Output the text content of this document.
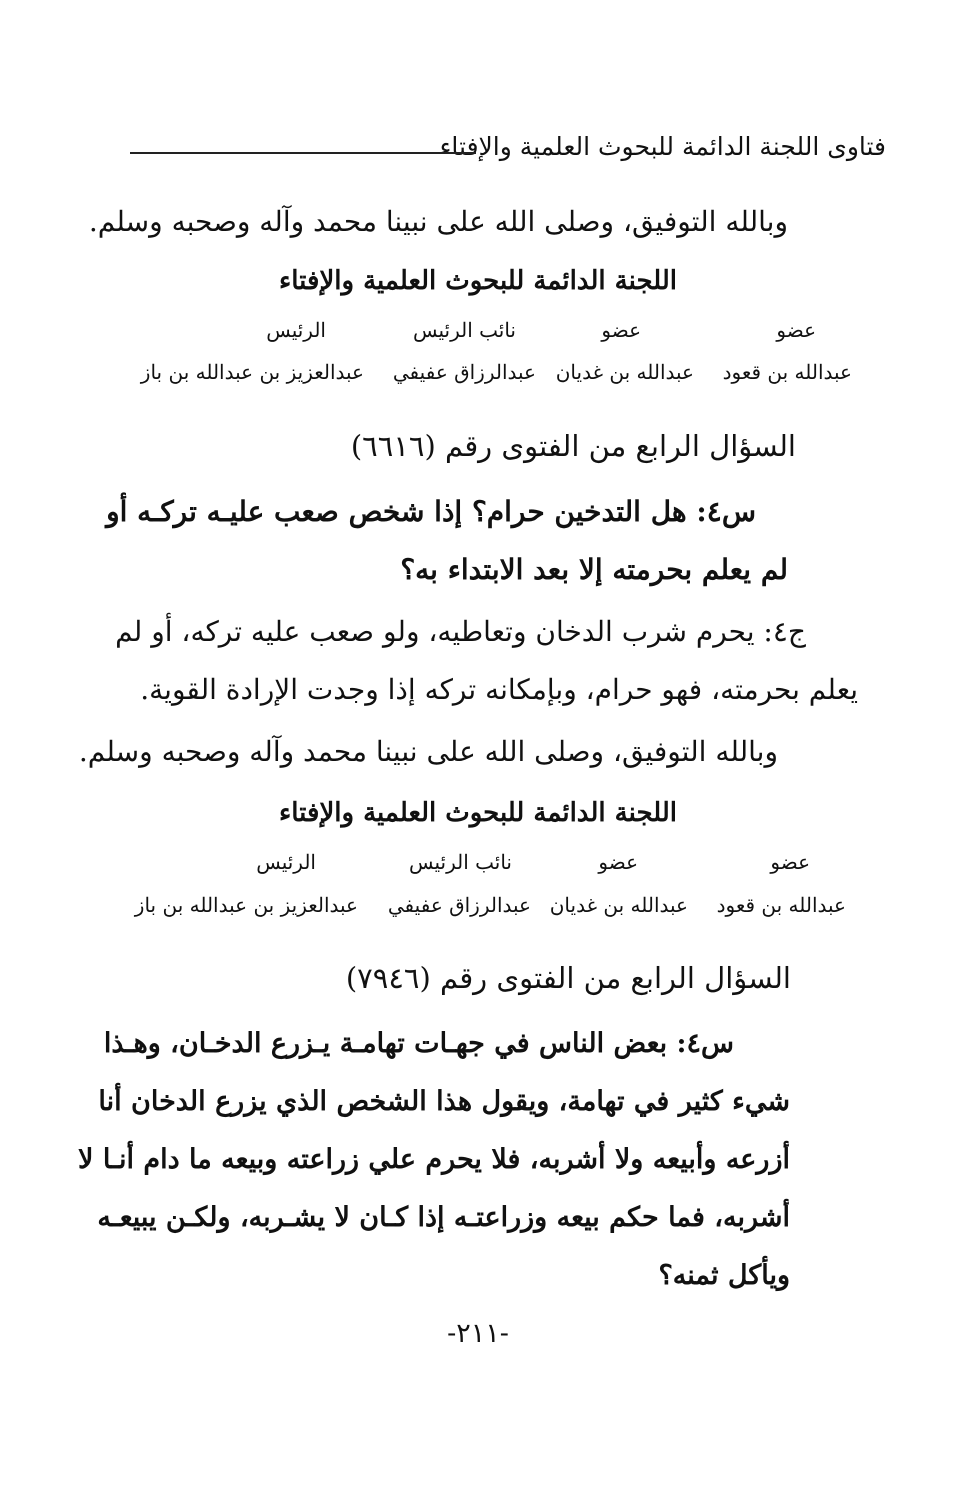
فتاوى اللجنة الدائمة للبحوث العلمية والإفتاء
وبالله التوفيق، وصلى الله على نبينا محمد وآله وصحبه وسلم.
اللجنة الدائمة للبحوث العلمية والإفتاء
عضو
عضو
نائب الرئيس
الرئيس
عبدالله بن قعود
عبدالله بن غديان
عبدالرزاق عفيفي
عبدالعزيز بن عبدالله بن باز
السؤال الرابع من الفتوى رقم (٦٦١٦)
س٤: هل التدخين حرام؟ إذا شخص صعب عليـه تركـه أو
لم يعلم بحرمته إلا بعد الابتداء به؟
ج٤: يحرم شرب الدخان وتعاطيه، ولو صعب عليه تركه، أو لم
يعلم بحرمته، فهو حرام، وبإمكانه تركه إذا وجدت الإرادة القوية.
وبالله التوفيق، وصلى الله على نبينا محمد وآله وصحبه وسلم.
اللجنة الدائمة للبحوث العلمية والإفتاء
عضو
عضو
نائب الرئيس
الرئيس
عبدالله بن قعود
عبدالله بن غديان
عبدالرزاق عفيفي
عبدالعزيز بن عبدالله بن باز
السؤال الرابع من الفتوى رقم (٧٩٤٦)
س٤: بعض الناس في جهـات تهامـة يـزرع الدخـان، وهـذا
شيء كثير في تهامة، ويقول هذا الشخص الذي يزرع الدخان أنا
أزرعه وأبيعه ولا أشربه، فلا يحرم علي زراعته وبيعه ما دام أنـا لا
أشربه، فما حكم بيعه وزراعتـه إذا كـان لا يشـربه، ولكـن يبيعـه
ويأكل ثمنه؟
-٢١١-
